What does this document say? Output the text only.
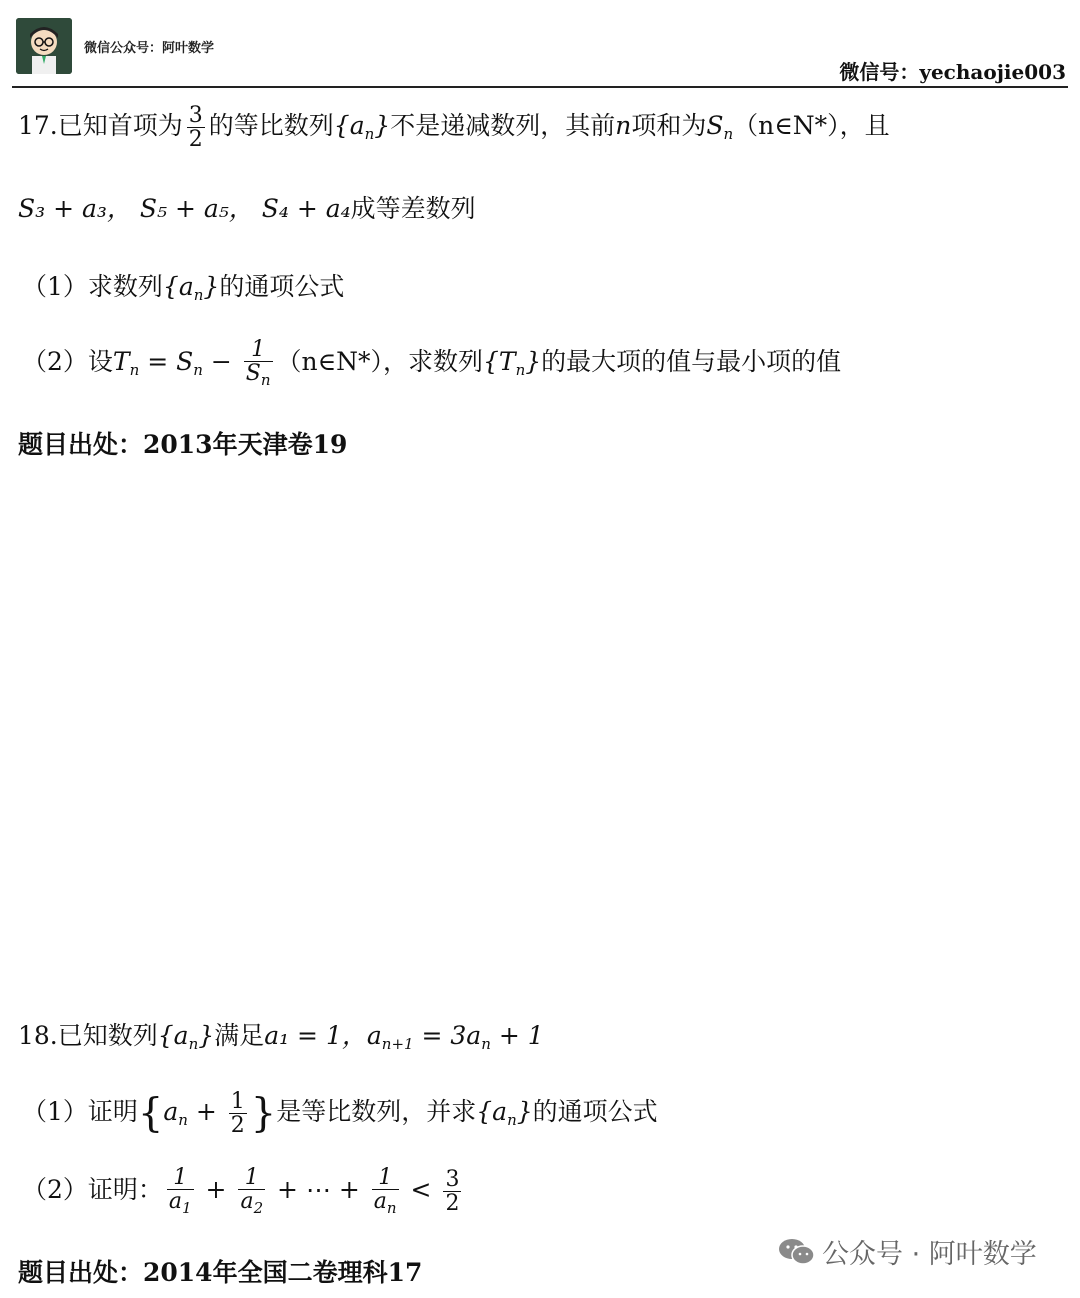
微信公众号：阿叶数学
微信号：yechaojie003
17.已知首项为 $\frac{3}{2}$ 的等比数列$\{a_n\}$不是递减数列，其前n项和为$S_n(n\in N*)$，且
S₃ + a₃， S₅ + a₅， S₄ + a₄成等差数列
（1）求数列$\{a_n\}$的通项公式
（2）设$T_n = S_n - \frac{1}{S_n}$ （n∈N*），求数列$\{T_n\}$的最大项的值与最小项的值
题目出处：2013年天津卷19
18.已知数列$\{a_n\}$满足a₁ = 1，$a_{n+1} = 3a_n + 1$
（1）证明{$a_n + \frac{1}{2}$ }是等比数列，并求$\{a_n\}$的通项公式
（2）证明： $\frac{1}{a_1} + \frac{1}{a_2}$ + ⋯ + $\frac{1}{a_n} < \frac{3}{2}$
题目出处：2014年全国二卷理科17
公众号 · 阿叶数学
